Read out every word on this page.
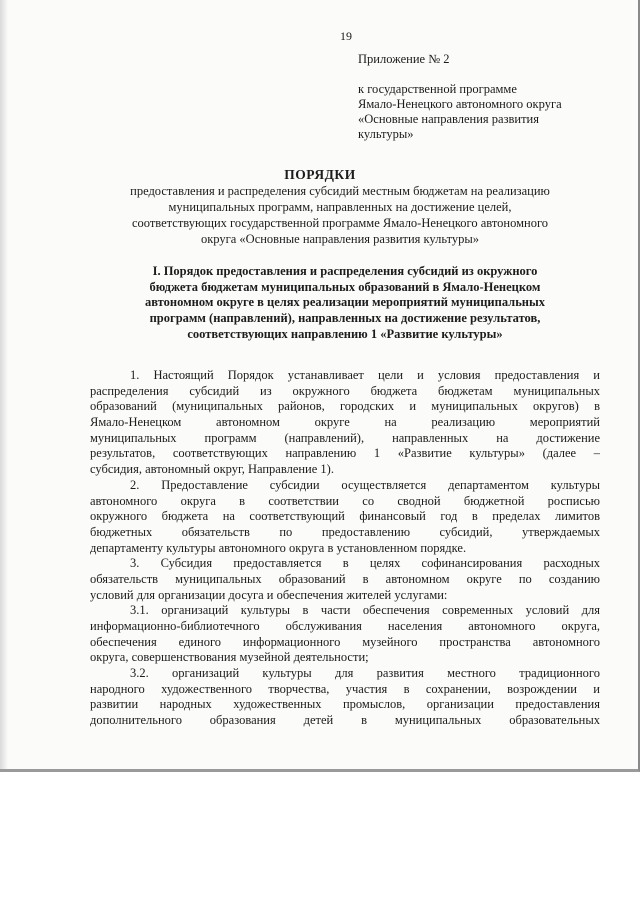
19
Приложение № 2
к государственной программе
Ямало-Ненецкого автономного округа
«Основные направления развития
культуры»
ПОРЯДКИ
предоставления и распределения субсидий местным бюджетам на реализацию
муниципальных программ, направленных на достижение целей,
соответствующих государственной программе Ямало-Ненецкого автономного
округа «Основные направления развития культуры»
I. Порядок предоставления и распределения субсидий из окружного
бюджета бюджетам муниципальных образований в Ямало-Ненецком
автономном округе в целях реализации мероприятий муниципальных
программ (направлений), направленных на достижение результатов,
соответствующих направлению 1 «Развитие культуры»
1. Настоящий Порядок устанавливает цели и условия предоставления и
распределения субсидий из окружного бюджета бюджетам муниципальных
образований (муниципальных районов, городских и муниципальных округов) в
Ямало-Ненецком автономном округе на реализацию мероприятий
муниципальных программ (направлений), направленных на достижение
результатов, соответствующих направлению 1 «Развитие культуры» (далее –
субсидия, автономный округ, Направление 1).
2. Предоставление субсидии осуществляется департаментом культуры
автономного округа в соответствии со сводной бюджетной росписью
окружного бюджета на соответствующий финансовый год в пределах лимитов
бюджетных обязательств по предоставлению субсидий, утверждаемых
департаменту культуры автономного округа в установленном порядке.
3. Субсидия предоставляется в целях софинансирования расходных
обязательств муниципальных образований в автономном округе по созданию
условий для организации досуга и обеспечения жителей услугами:
3.1. организаций культуры в части обеспечения современных условий для
информационно-библиотечного обслуживания населения автономного округа,
обеспечения единого информационного музейного пространства автономного
округа, совершенствования музейной деятельности;
3.2. организаций культуры для развития местного традиционного
народного художественного творчества, участия в сохранении, возрождении и
развитии народных художественных промыслов, организации предоставления
дополнительного образования детей в муниципальных образовательных
